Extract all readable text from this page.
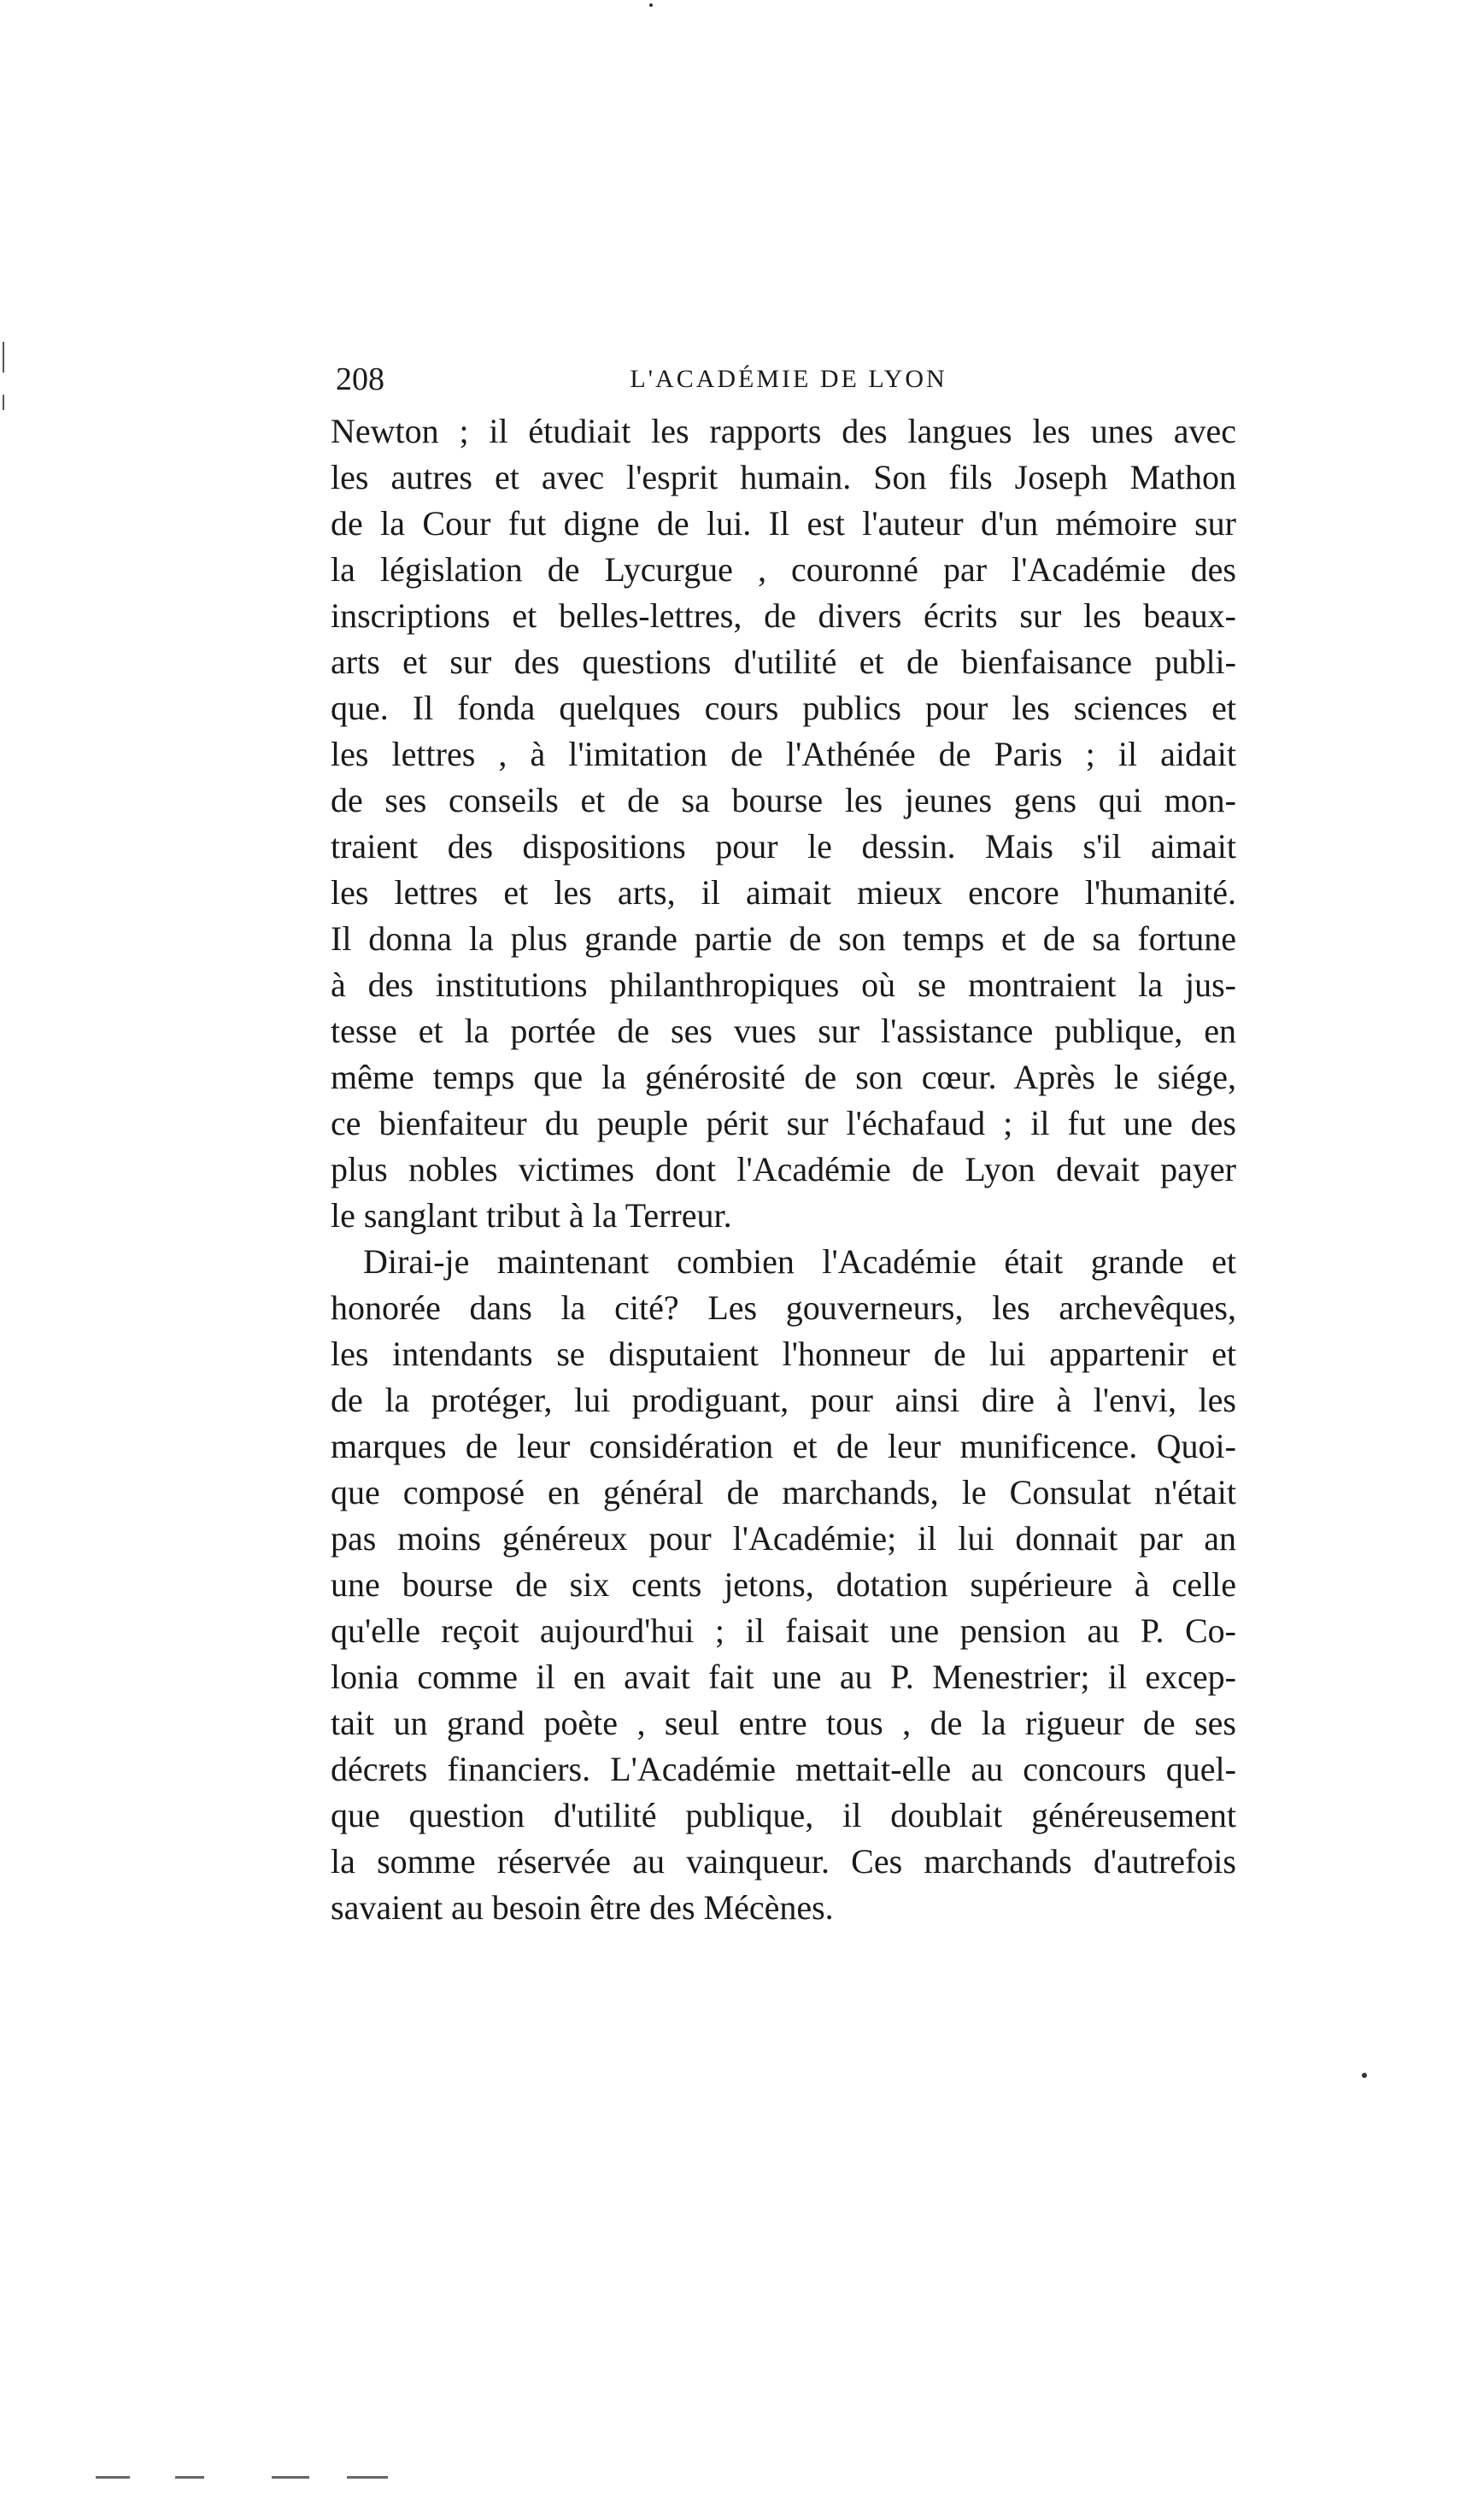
208	L'ACADÉMIE DE LYON
Newton ; il étudiait les rapports des langues les unes avec
les autres et avec l'esprit humain. Son fils Joseph Mathon
de la Cour fut digne de lui. Il est l'auteur d'un mémoire sur
la législation de Lycurgue , couronné par l'Académie des
inscriptions et belles-lettres, de divers écrits sur les beaux-
arts et sur des questions d'utilité et de bienfaisance publi-
que. Il fonda quelques cours publics pour les sciences et
les lettres , à l'imitation de l'Athénée de Paris ; il aidait
de ses conseils et de sa bourse les jeunes gens qui mon-
traient des dispositions pour le dessin. Mais s'il aimait
les lettres et les arts, il aimait mieux encore l'humanité.
Il donna la plus grande partie de son temps et de sa fortune
à des institutions philanthropiques où se montraient la jus-
tesse et la portée de ses vues sur l'assistance publique, en
même temps que la générosité de son cœur. Après le siége,
ce bienfaiteur du peuple périt sur l'échafaud ; il fut une des
plus nobles victimes dont l'Académie de Lyon devait payer
le sanglant tribut à la Terreur.
Dirai-je maintenant combien l'Académie était grande et
honorée dans la cité? Les gouverneurs, les archevêques,
les intendants se disputaient l'honneur de lui appartenir et
de la protéger, lui prodiguant, pour ainsi dire à l'envi, les
marques de leur considération et de leur munificence. Quoi-
que composé en général de marchands, le Consulat n'était
pas moins généreux pour l'Académie; il lui donnait par an
une bourse de six cents jetons, dotation supérieure à celle
qu'elle reçoit aujourd'hui ; il faisait une pension au P. Co-
lonia comme il en avait fait une au P. Menestrier; il excep-
tait un grand poète , seul entre tous , de la rigueur de ses
décrets financiers. L'Académie mettait-elle au concours quel-
que question d'utilité publique, il doublait généreusement
la somme réservée au vainqueur. Ces marchands d'autrefois
savaient au besoin être des Mécènes.
